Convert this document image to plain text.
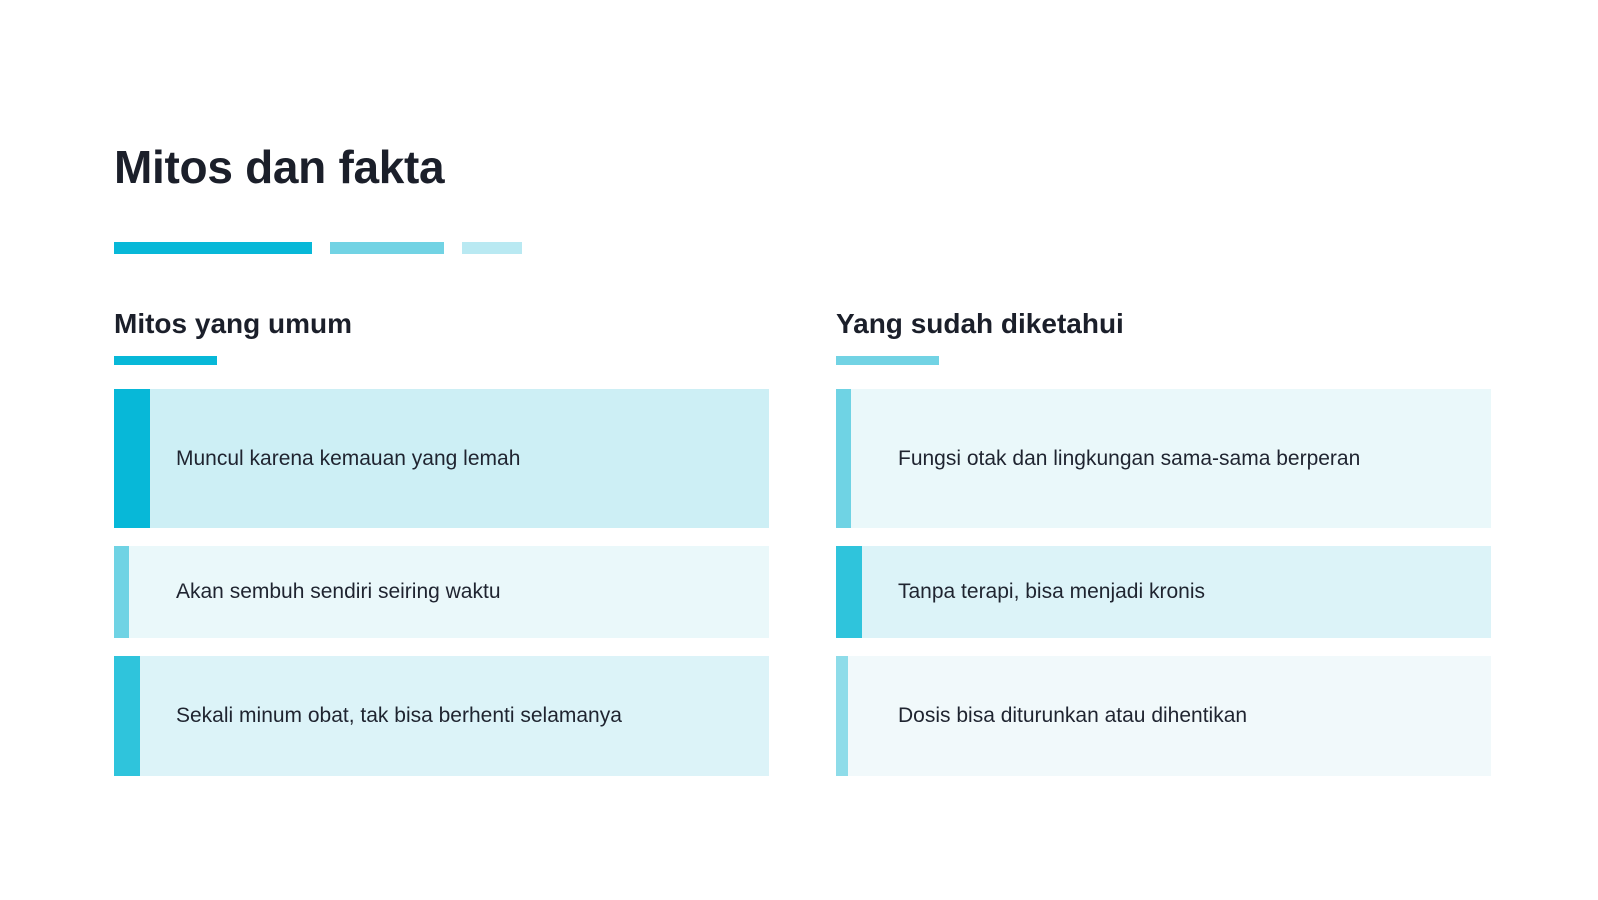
Mitos dan fakta
Mitos yang umum
Muncul karena kemauan yang lemah
Akan sembuh sendiri seiring waktu
Sekali minum obat, tak bisa berhenti selamanya
Yang sudah diketahui
Fungsi otak dan lingkungan sama-sama berperan
Tanpa terapi, bisa menjadi kronis
Dosis bisa diturunkan atau dihentikan
